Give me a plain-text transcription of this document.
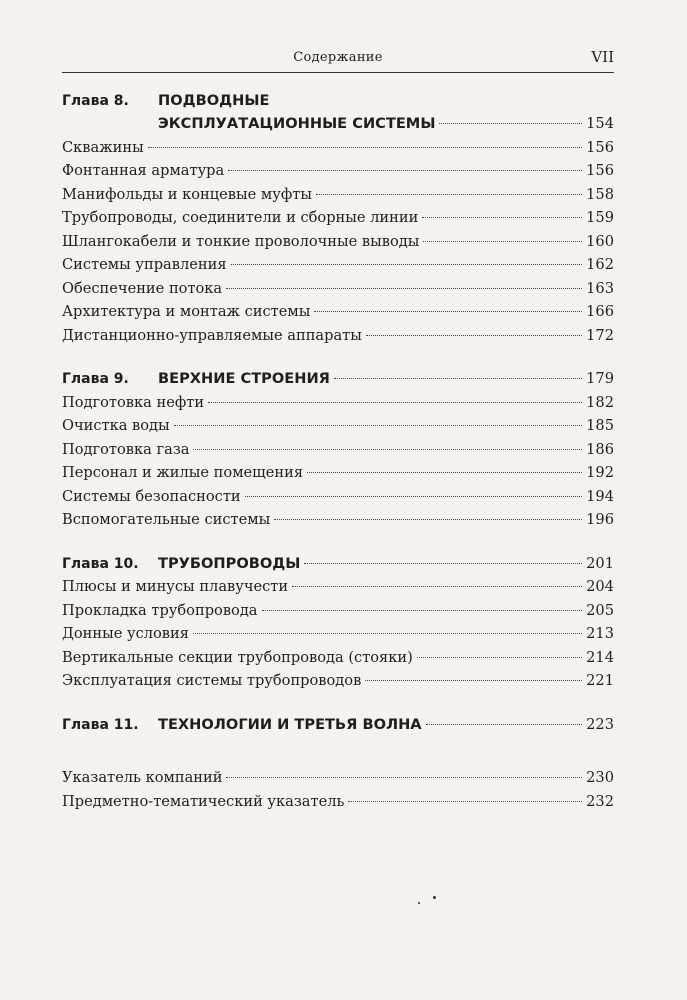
Содержание	VII
Глава 8.	ПОДВОДНЫЕ
ЭКСПЛУАТАЦИОННЫЕ СИСТЕМЫ	154
Скважины	156
Фонтанная арматура	156
Манифольды и концевые муфты	158
Трубопроводы, соединители и сборные линии	159
Шлангокабели и тонкие проволочные выводы	160
Системы управления	162
Обеспечение потока	163
Архитектура и монтаж системы	166
Дистанционно-управляемые аппараты	172
Глава 9.	ВЕРХНИЕ СТРОЕНИЯ	179
Подготовка нефти	182
Очистка воды	185
Подготовка газа	186
Персонал и жилые помещения	192
Системы безопасности	194
Вспомогательные системы	196
Глава 10.	ТРУБОПРОВОДЫ	201
Плюсы и минусы плавучести	204
Прокладка трубопровода	205
Донные условия	213
Вертикальные секции трубопровода (стояки)	214
Эксплуатация системы трубопроводов	221
Глава 11.	ТЕХНОЛОГИИ И ТРЕТЬЯ ВОЛНА	223
Указатель компаний	230
Предметно-тематический указатель	232
